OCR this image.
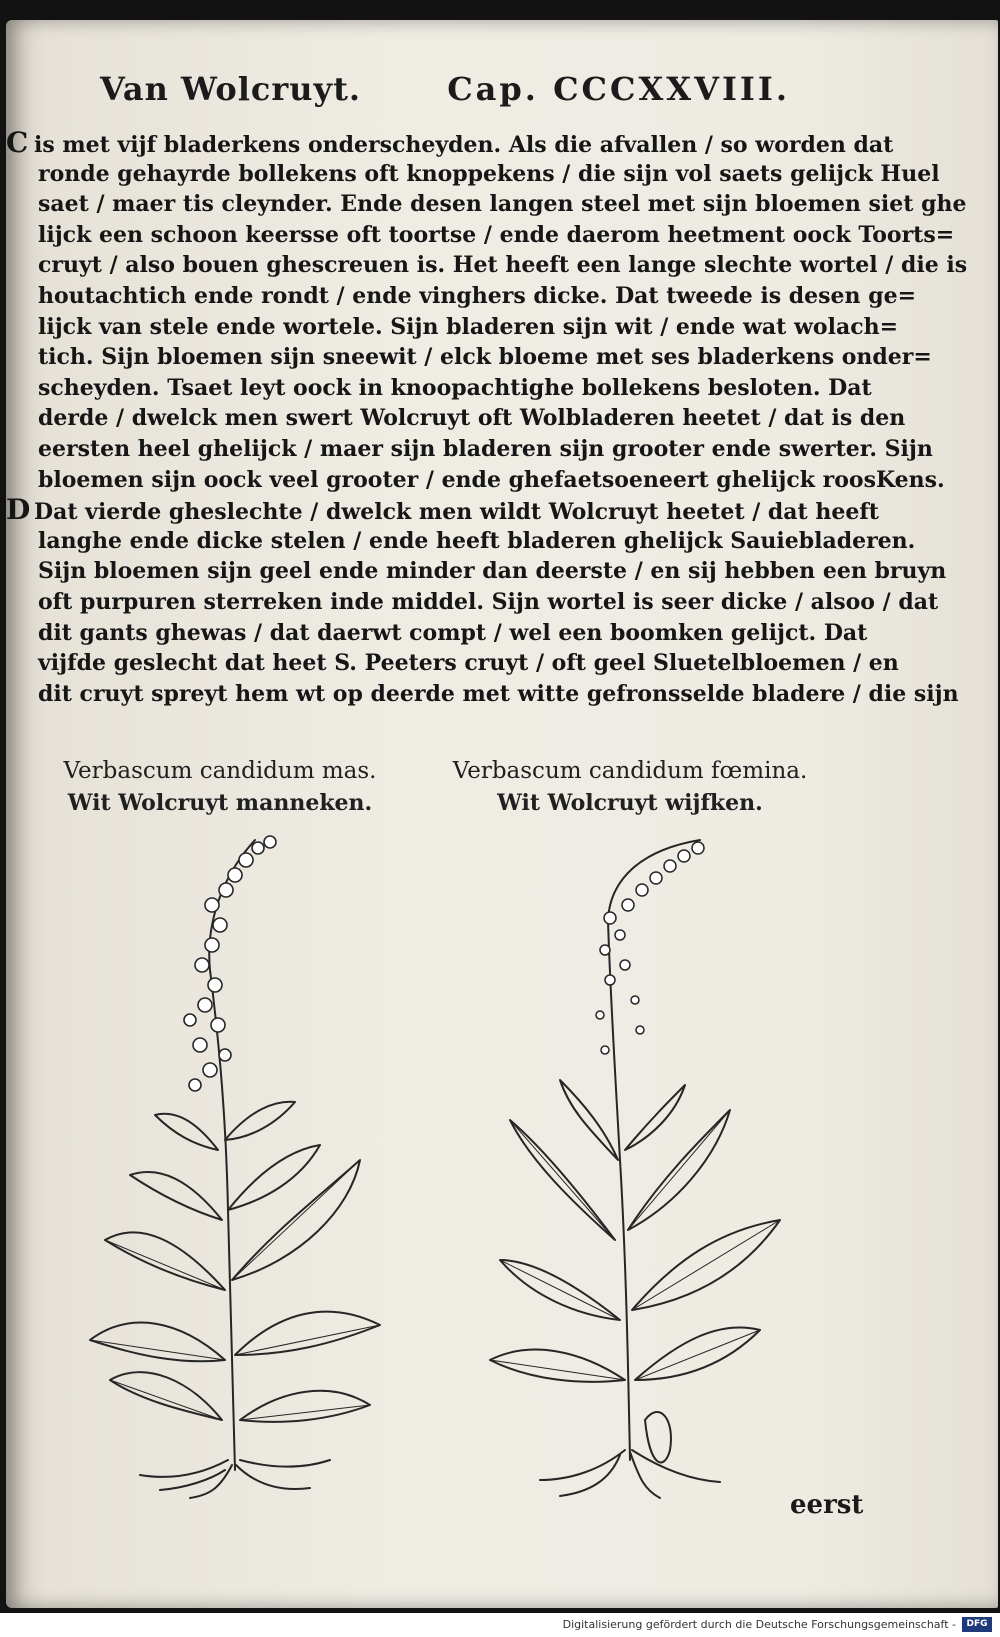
Van Wolcruyt.	Cap. CCCXXVIII.
C is met vijf bladerkens onderscheyden. Als die afvallen / so worden dat
ronde gehayrde bollekens oft knoppekens / die sijn vol saets gelijck Huel
saet / maer tis cleynder. Ende desen langen steel met sijn bloemen siet ghe
lijck een schoon keersse oft toortse / ende daerom heetment oock Toorts=
cruyt / also bouen ghescreuen is. Het heeft een lange slechte wortel / die is
houtachtich ende rondt / ende vinghers dicke. Dat tweede is desen ge=
lijck van stele ende wortele. Sijn bladeren sijn wit / ende wat wolach=
tich. Sijn bloemen sijn sneewit / elck bloeme met ses bladerkens onder=
scheyden. Tsaet leyt oock in knoopachtighe bollekens besloten. Dat
derde / dwelck men swert Wolcruyt oft Wolbladeren heetet / dat is den
eersten heel ghelijck / maer sijn bladeren sijn grooter ende swerter. Sijn
bloemen sijn oock veel grooter / ende ghefaetsoeneert ghelijck roosKens.
D Dat vierde gheslechte / dwelck men wildt Wolcruyt heetet / dat heeft
langhe ende dicke stelen / ende heeft bladeren ghelijck Sauiebladeren.
Sijn bloemen sijn geel ende minder dan deerste / en sij hebben een bruyn
oft purpuren sterreken inde middel. Sijn wortel is seer dicke / alsoo / dat
dit gants ghewas / dat daerwt compt / wel een boomken gelijct. Dat
vijfde geslecht dat heet S. Peeters cruyt / oft geel Sluetelbloemen / en
dit cruyt spreyt hem wt op deerde met witte gefronsselde bladere / die sijn
Verbascum candidum mas.
Wit Wolcruyt manneken.
Verbascum candidum fœmina.
Wit Wolcruyt wijfken.
eerst
Digitalisierung gefördert durch die Deutsche Forschungsgemeinschaft -	DFG
